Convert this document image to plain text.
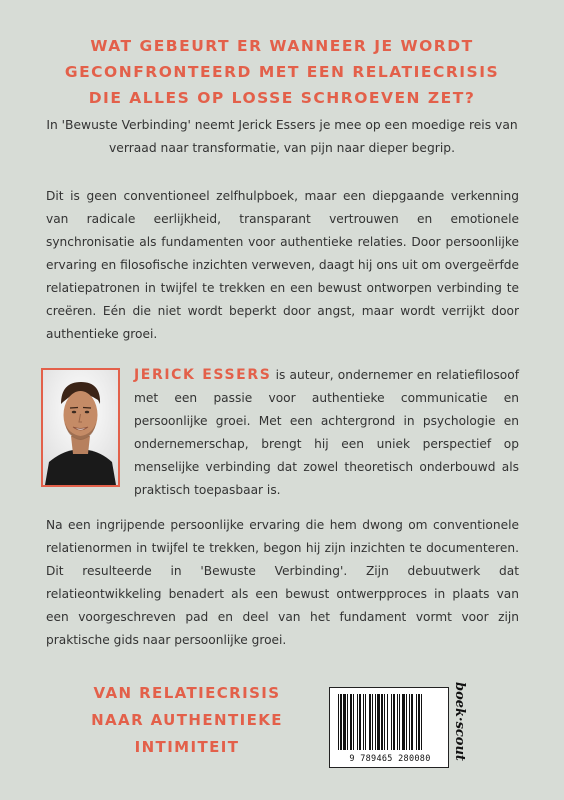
WAT GEBEURT ER WANNEER JE WORDT
GECONFRONTEERD MET EEN RELATIECRISIS
DIE ALLES OP LOSSE SCHROEVEN ZET?
In 'Bewuste Verbinding' neemt Jerick Essers je mee op een moedige reis van
verraad naar transformatie, van pijn naar dieper begrip.

Dit is geen conventioneel zelfhulpboek, maar een diepgaande verkenning van radicale eerlijkheid, transparant vertrouwen en emotionele synchronisatie als fundamenten voor authentieke relaties. Door persoonlijke ervaring en filosofische inzichten verweven, daagt hij ons uit om overgeërfde relatiepatronen in twijfel te trekken en een bewust ontworpen verbinding te creëren. Eén die niet wordt beperkt door angst, maar wordt verrijkt door authentieke groei.

JERICK ESSERS is auteur, ondernemer en relatiefilosoof met een passie voor authentieke communicatie en persoonlijke groei. Met een achtergrond in psychologie en ondernemerschap, brengt hij een uniek perspectief op menselijke verbinding dat zowel theoretisch onderbouwd als praktisch toepasbaar is.

Na een ingrijpende persoonlijke ervaring die hem dwong om conventionele relatienormen in twijfel te trekken, begon hij zijn inzichten te documenteren. Dit resulteerde in 'Bewuste Verbinding'. Zijn debuutwerk dat relatieontwikkeling benadert als een bewust ontwerpproces in plaats van een voorgeschreven pad en deel van het fundament vormt voor zijn praktische gids naar persoonlijke groei.

VAN RELATIECRISIS
NAAR AUTHENTIEKE
INTIMITEIT
9 789465 280080	boek·scout
